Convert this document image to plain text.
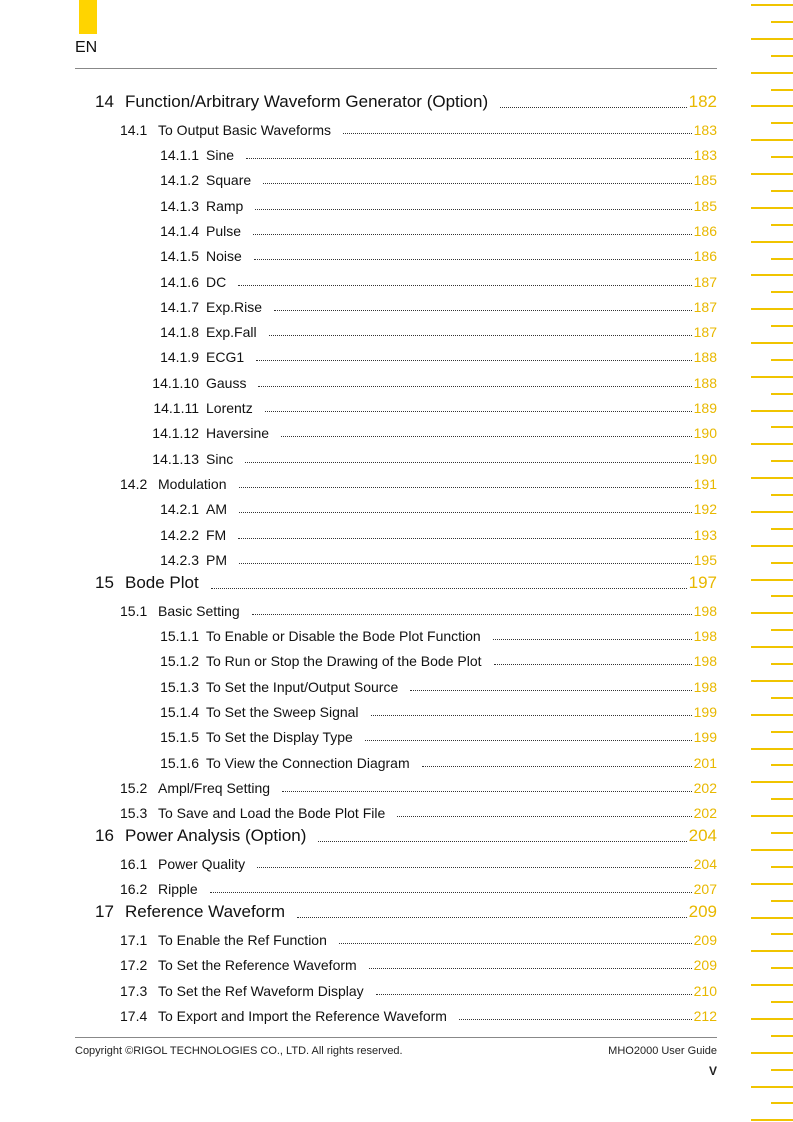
EN
14 Function/Arbitrary Waveform Generator (Option)	182
14.1 To Output Basic Waveforms	183
14.1.1 Sine	183
14.1.2 Square	185
14.1.3 Ramp	185
14.1.4 Pulse	186
14.1.5 Noise	186
14.1.6 DC	187
14.1.7 Exp.Rise	187
14.1.8 Exp.Fall	187
14.1.9 ECG1	188
14.1.10 Gauss	188
14.1.11 Lorentz	189
14.1.12 Haversine	190
14.1.13 Sinc	190
14.2 Modulation	191
14.2.1 AM	192
14.2.2 FM	193
14.2.3 PM	195
15 Bode Plot	197
15.1 Basic Setting	198
15.1.1 To Enable or Disable the Bode Plot Function	198
15.1.2 To Run or Stop the Drawing of the Bode Plot	198
15.1.3 To Set the Input/Output Source	198
15.1.4 To Set the Sweep Signal	199
15.1.5 To Set the Display Type	199
15.1.6 To View the Connection Diagram	201
15.2 Ampl/Freq Setting	202
15.3 To Save and Load the Bode Plot File	202
16 Power Analysis (Option)	204
16.1 Power Quality	204
16.2 Ripple	207
17 Reference Waveform	209
17.1 To Enable the Ref Function	209
17.2 To Set the Reference Waveform	209
17.3 To Set the Ref Waveform Display	210
17.4 To Export and Import the Reference Waveform	212
Copyright ©RIGOL TECHNOLOGIES CO., LTD. All rights reserved.	MHO2000 User Guide
V
